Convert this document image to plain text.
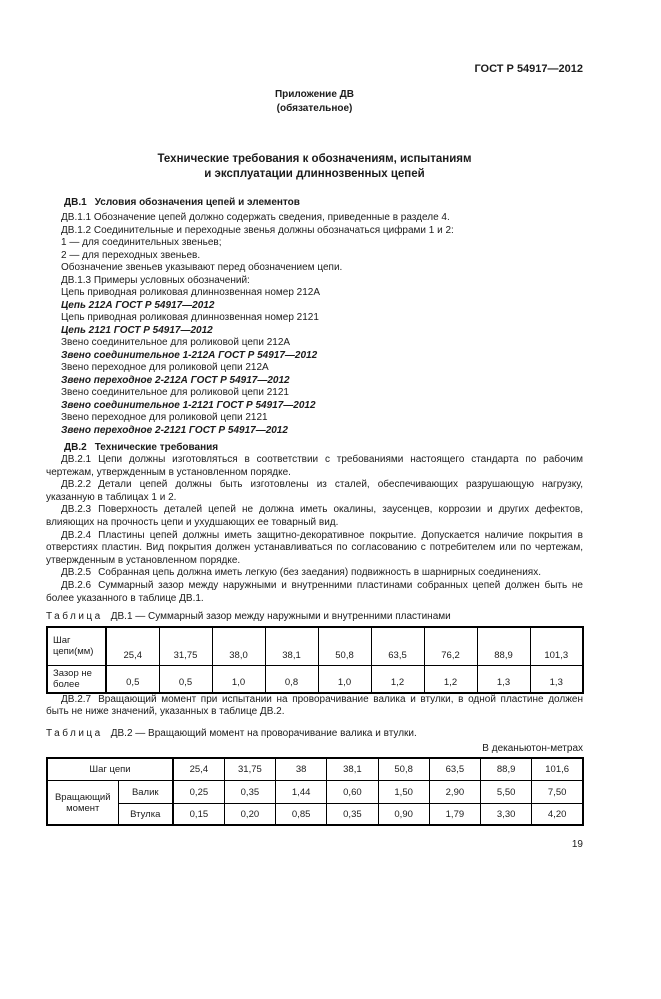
ГОСТ Р 54917—2012
Приложение ДВ
(обязательное)
Технические требования к обозначениям, испытаниям
и эксплуатации длиннозвенных цепей

ДВ.1 Условия обозначения цепей и элементов

ДВ.1.1 Обозначение цепей должно содержать сведения, приведенные в разделе 4.
ДВ.1.2 Соединительные и переходные звенья должны обозначаться цифрами 1 и 2:
1 — для соединительных звеньев;
2 — для переходных звеньев.
Обозначение звеньев указывают перед обозначением цепи.
ДВ.1.3 Примеры условных обозначений:
Цепь приводная роликовая длиннозвенная номер 212А
Цепь 212А ГОСТ Р 54917—2012
Цепь приводная роликовая длиннозвенная номер 2121
Цепь 2121 ГОСТ Р 54917—2012
Звено соединительное для роликовой цепи 212А
Звено соединительное 1-212А ГОСТ Р 54917—2012
Звено переходное для роликовой цепи 212А
Звено переходное 2-212А ГОСТ Р 54917—2012
Звено соединительное для роликовой цепи 2121
Звено соединительное 1-2121 ГОСТ Р 54917—2012
Звено переходное для роликовой цепи 2121
Звено переходное 2-2121 ГОСТ Р 54917—2012

ДВ.2 Технические требования

ДВ.2.1 Цепи должны изготовляться в соответствии с требованиями настоящего стандарта по рабочим чертежам, утвержденным в установленном порядке.

ДВ.2.2 Детали цепей должны быть изготовлены из сталей, обеспечивающих разрушающую нагрузку, указанную в таблицах 1 и 2.

ДВ.2.3 Поверхность деталей цепей не должна иметь окалины, заусенцев, коррозии и других дефектов, влияющих на прочность цепи и ухудшающих ее товарный вид.

ДВ.2.4 Пластины цепей должны иметь защитно-декоративное покрытие. Допускается наличие покрытия в отверстиях пластин. Вид покрытия должен устанавливаться по согласованию с потребителем или по чертежам, утвержденным в установленном порядке.

ДВ.2.5 Собранная цепь должна иметь легкую (без заедания) подвижность в шарнирных соединениях.

ДВ.2.6 Суммарный зазор между наружными и внутренними пластинами собранных цепей должен быть не более указанного в таблице ДВ.1.

Таблица ДВ.1 — Суммарный зазор между наружными и внутренними пластинами
Шаг цепи(мм)	25,4	31,75	38,0	38,1	50,8	63,5	76,2	88,9	101,3
Зазор не более	0,5	0,5	1,0	0,8	1,0	1,2	1,2	1,3	1,3

ДВ.2.7 Вращающий момент при испытании на проворачивание валика и втулки, в одной пластине должен быть не ниже значений, указанных в таблице ДВ.2.

Таблица ДВ.2 — Вращающий момент на проворачивание валика и втулки.
В деканьютон-метрах
Шаг цепи		25,4	31,75	38	38,1	50,8	63,5	88,9	101,6
Вращающий момент	Валик	0,25	0,35	1,44	0,60	1,50	2,90	5,50	7,50
	Втулка	0,15	0,20	0,85	0,35	0,90	1,79	3,30	4,20
19
